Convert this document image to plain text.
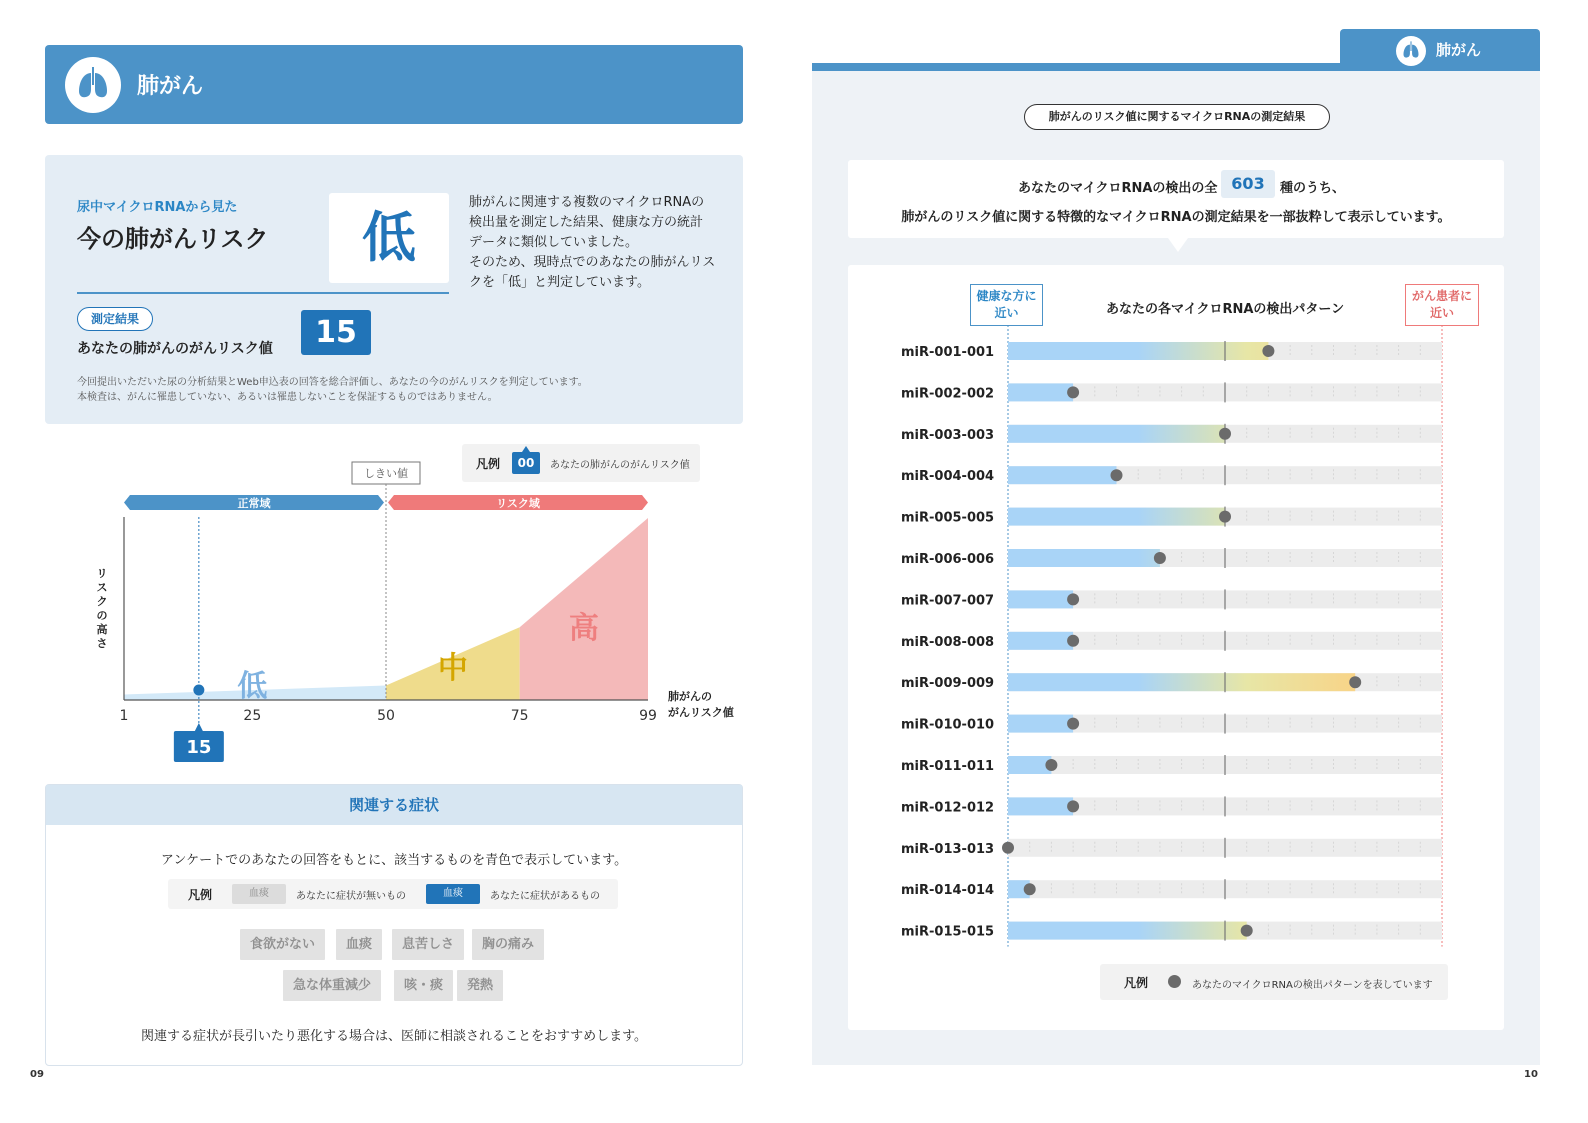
肺がん
尿中マイクロRNAから見た
今の肺がんリスク	低

肺がんに関連する複数のマイクロRNAの

検出量を測定した結果、健康な方の統計

データに類似していました。

そのため、現時点でのあなたの肺がんリス

クを「低」と判定しています。

測定結果
あなたの肺がんのがんリスク値	15

今回提出いただいた尿の分析結果とWeb申込表の回答を総合評価し、あなたの今のがんリスクを判定しています。

本検査は、がんに罹患していない、あるいは罹患しないことを保証するものではありません。

凡例	00	あなたの肺がんのがんリスク値
低
中
高
正常域	リスク域
しきい値
1	25	50	75	99
肺がんの
がんリスク値
リ
ス
ク
の
高
さ
15
関連する症状
アンケートでのあなたの回答をもとに、該当するものを青色で表示しています。
凡例	血痰	あなたに症状が無いもの	血痰	あなたに症状があるもの
食欲がない	血痰	息苦しさ	胸の痛み
急な体重減少	咳・痰	発熱
関連する症状が長引いたり悪化する場合は、医師に相談されることをおすすめします。
09
肺がん
肺がんのリスク値に関するマイクロRNAの測定結果
あなたのマイクロRNAの検出の全 603	種のうち、
肺がんのリスク値に関する特徴的なマイクロRNAの測定結果を一部抜粋して表示しています。
健康な方に
近い	あなたの各マイクロRNAの検出パターン
がん患者に
近い
miR-001-001
miR-002-002
miR-003-003
miR-004-004
miR-005-005
miR-006-006
miR-007-007
miR-008-008
miR-009-009
miR-010-010
miR-011-011
miR-012-012
miR-013-013
miR-014-014
miR-015-015
凡例	あなたのマイクロRNAの検出パターンを表しています
10
